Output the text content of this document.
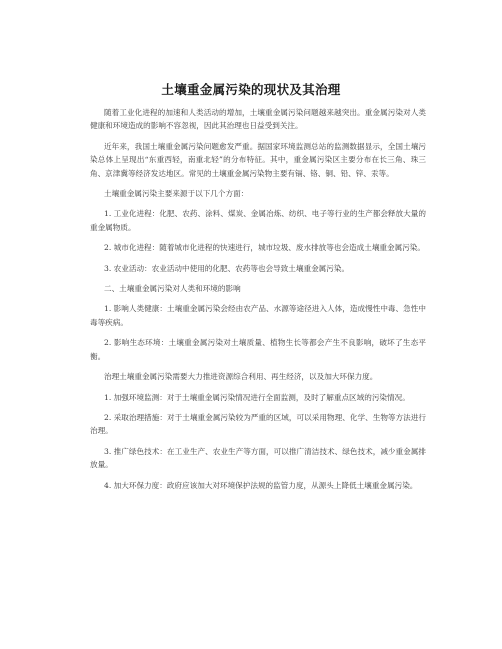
土壤重金属污染的现状及其治理

随着工业化进程的加速和人类活动的增加，土壤重金属污染问题越来越突出。重金属污染对人类健康和环境造成的影响不容忽视，因此其治理也日益受到关注。

近年来，我国土壤重金属污染问题愈发严重。据国家环境监测总站的监测数据显示，全国土壤污染总体上呈现出“东重西轻，南重北轻”的分布特征。其中，重金属污染区主要分布在长三角、珠三角、京津冀等经济发达地区。常见的土壤重金属污染物主要有镉、铬、铜、铅、锌、汞等。

土壤重金属污染主要来源于以下几个方面：

1. 工业化进程：化肥、农药、涂料、煤炭、金属冶炼、纺织、电子等行业的生产都会释放大量的重金属物质。

2. 城市化进程：随着城市化进程的快速进行，城市垃圾、废水排放等也会造成土壤重金属污染。

3. 农业活动：农业活动中使用的化肥、农药等也会导致土壤重金属污染。

二、土壤重金属污染对人类和环境的影响

1. 影响人类健康：土壤重金属污染会经由农产品、水源等途径进入人体，造成慢性中毒、急性中毒等疾病。

2. 影响生态环境：土壤重金属污染对土壤质量、植物生长等都会产生不良影响，破坏了生态平衡。

治理土壤重金属污染需要大力推进资源综合利用、再生经济，以及加大环保力度。

1. 加强环境监测：对于土壤重金属污染情况进行全面监测，及时了解重点区域的污染情况。

2. 采取治理措施：对于土壤重金属污染较为严重的区域，可以采用物理、化学、生物等方法进行治理。

3. 推广绿色技术：在工业生产、农业生产等方面，可以推广清洁技术、绿色技术，减少重金属排放量。

4. 加大环保力度：政府应该加大对环境保护法规的监管力度，从源头上降低土壤重金属污染。
